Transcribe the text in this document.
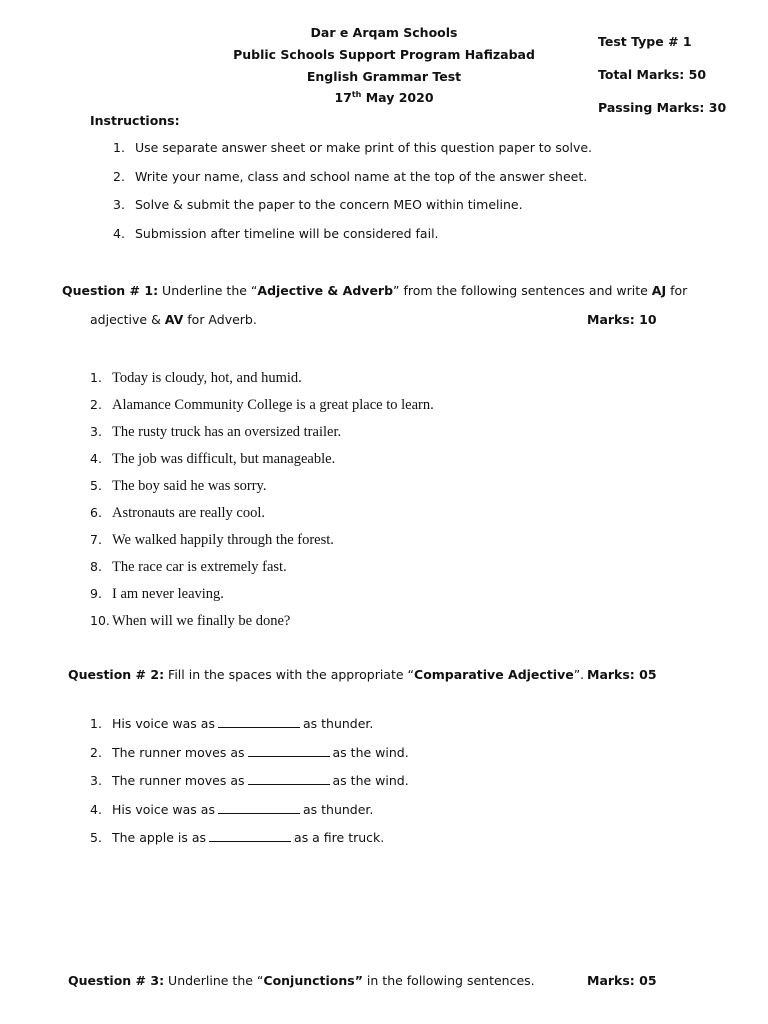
Dar e Arqam Schools
Public Schools Support Program Hafizabad
English Grammar Test
17th May 2020
Test Type # 1
Total Marks: 50
Passing Marks: 30
Instructions:
1. Use separate answer sheet or make print of this question paper to solve.
2. Write your name, class and school name at the top of the answer sheet.
3. Solve & submit the paper to the concern MEO within timeline.
4. Submission after timeline will be considered fail.
Question # 1: Underline the “Adjective & Adverb” from the following sentences and write AJ for
adjective & AV for Adverb.	Marks: 10
1. Today is cloudy, hot, and humid.
2. Alamance Community College is a great place to learn.
3. The rusty truck has an oversized trailer.
4. The job was difficult, but manageable.
5. The boy said he was sorry.
6. Astronauts are really cool.
7. We walked happily through the forest.
8. The race car is extremely fast.
9. I am never leaving.
10. When will we finally be done?
Question # 2: Fill in the spaces with the appropriate “Comparative Adjective”. Marks: 05
1. His voice was as	as thunder.
2. The runner moves as	as the wind.
3. The runner moves as	as the wind.
4. His voice was as	as thunder.
5. The apple is as	as a fire truck.
Question # 3: Underline the “Conjunctions” in the following sentences.	Marks: 05
